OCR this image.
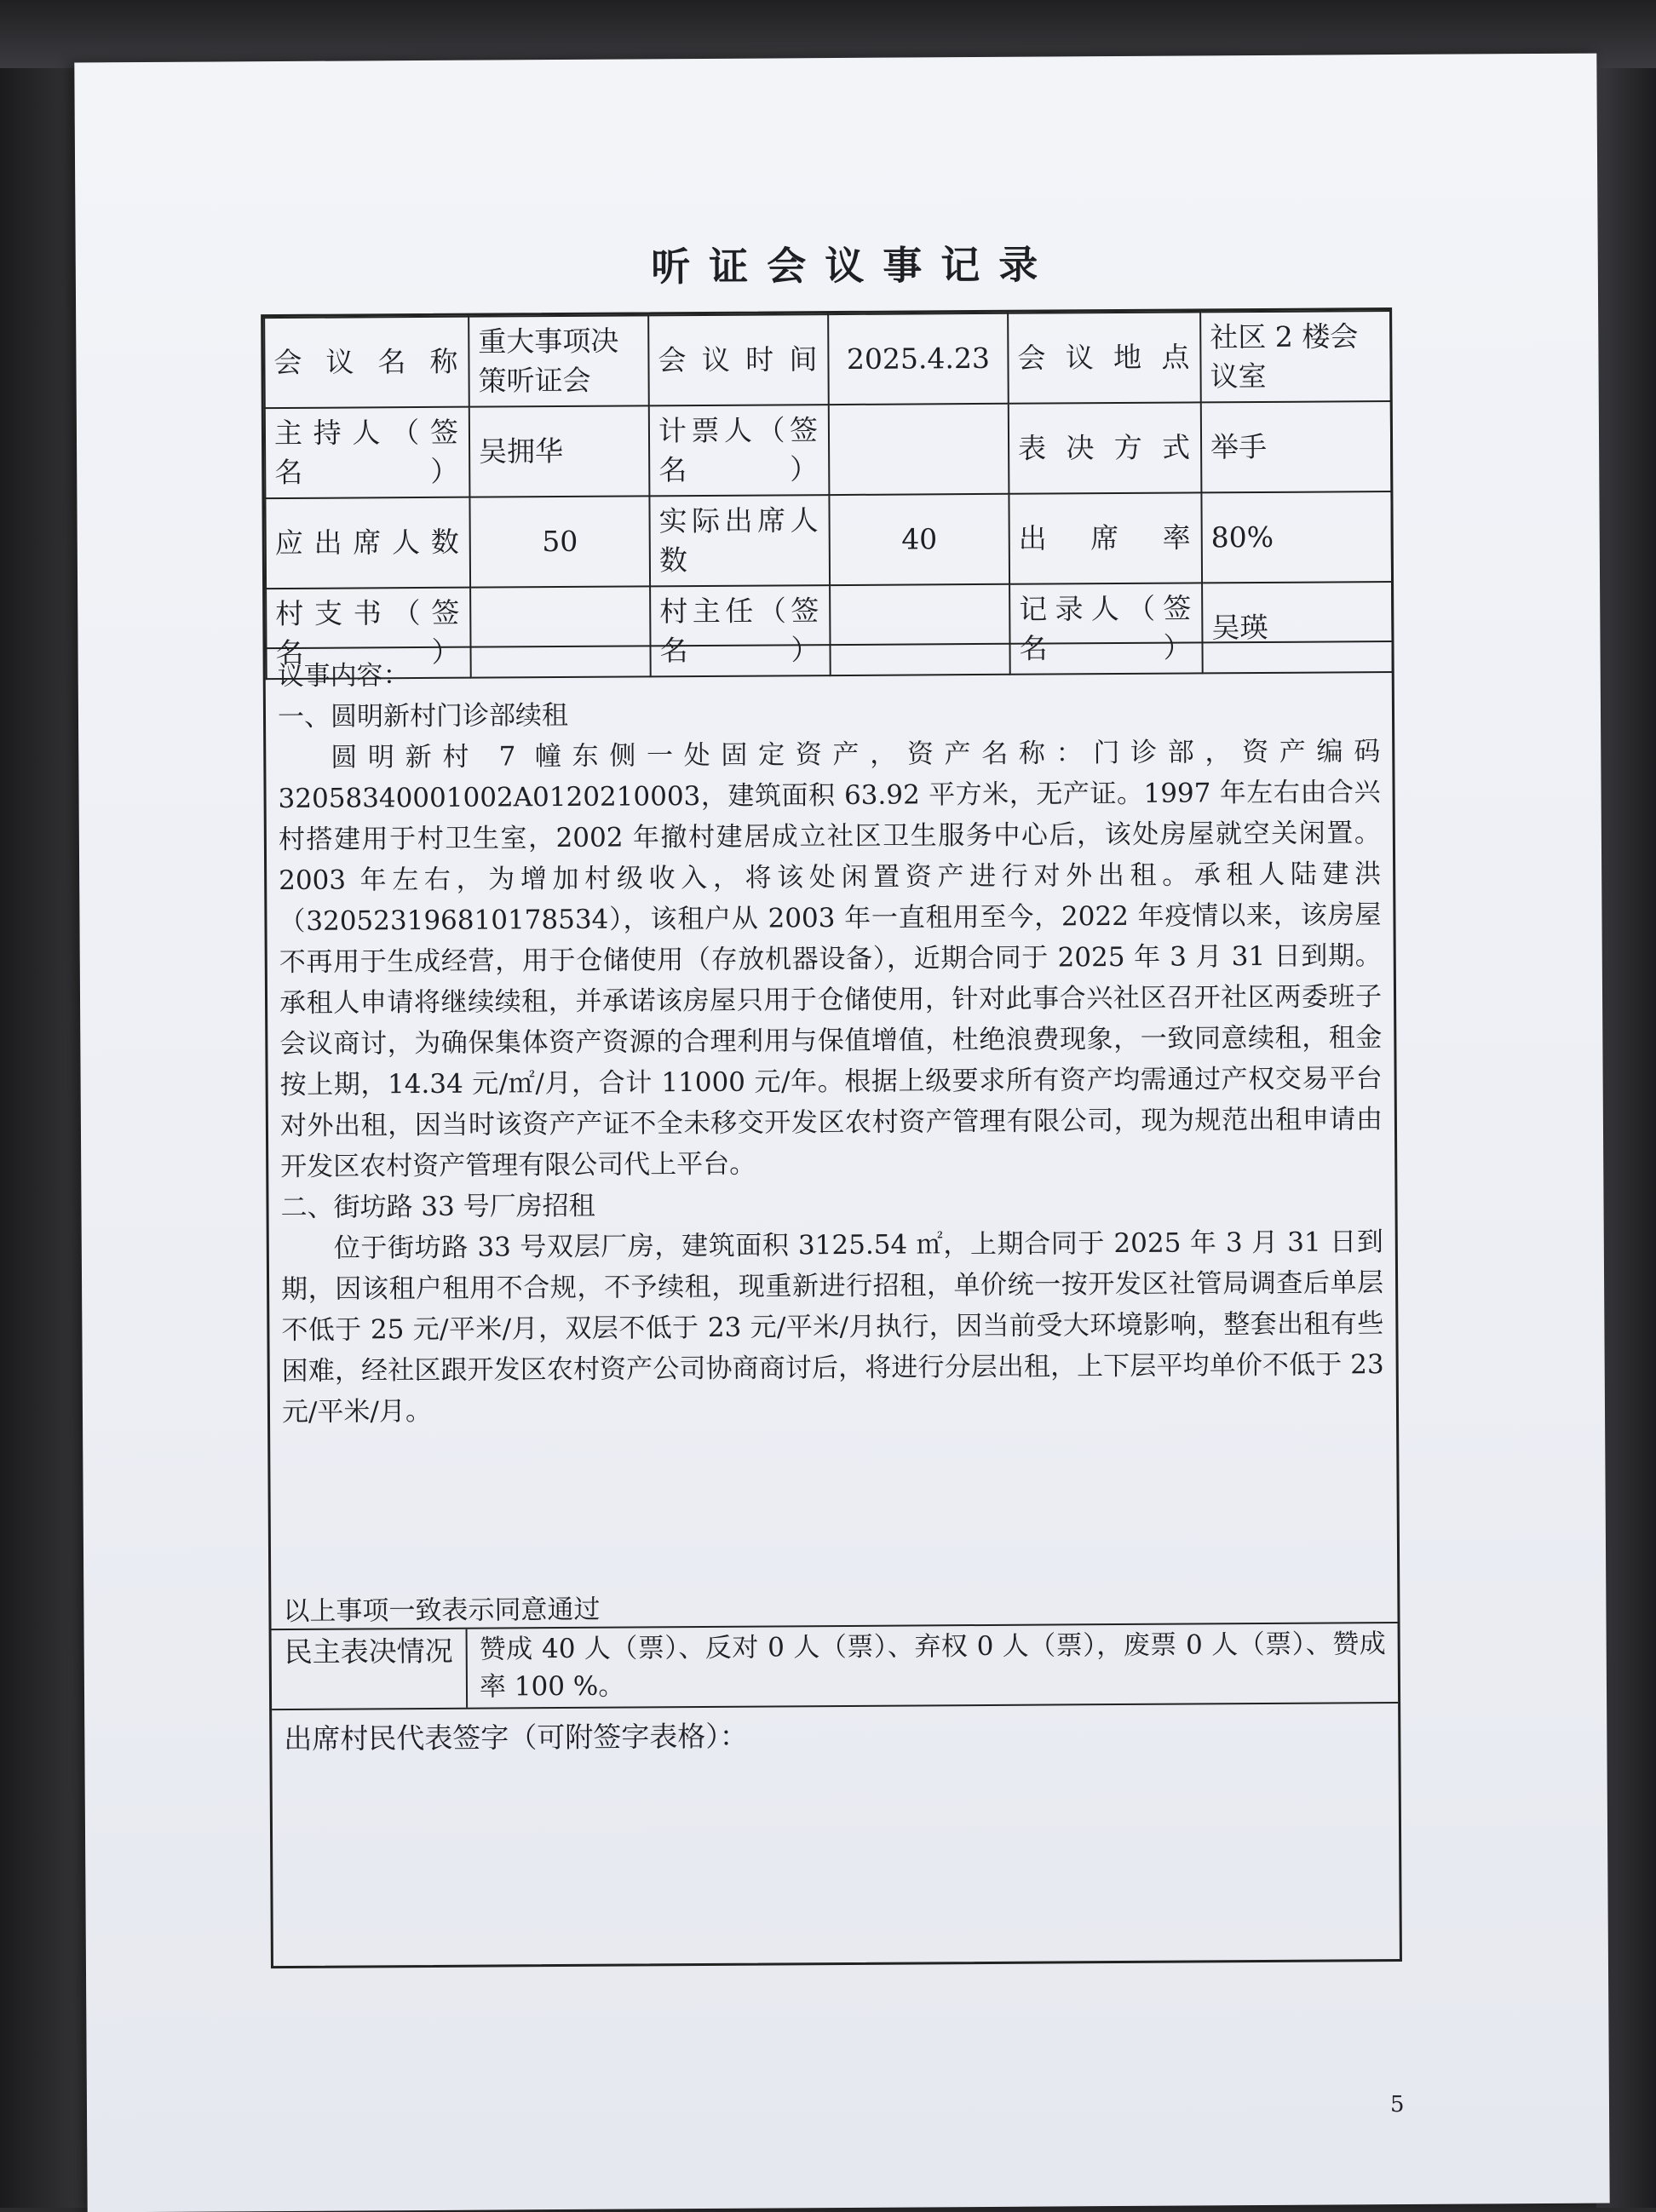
听证会议事记录
会议名称	重大事项决策听证会	会议时间	2025.4.23	会议地点	社区 2 楼会议室
主持人（签名）	吴拥华	计票人（签名）		表决方式	举手
应出席人数	50	实际出席人数	40	出席率	80%
村支书（签名）		村主任（签名）		记录人（签名）	吴瑛

议事内容：

一、圆明新村门诊部续租

圆明新村 7 幢东侧一处固定资产，资产名称：门诊部，资产编码 32058340001002A0120210003，建筑面积 63.92 平方米，无产证。1997 年左右由合兴村搭建用于村卫生室，2002 年撤村建居成立社区卫生服务中心后，该处房屋就空关闲置。2003 年左右，为增加村级收入，将该处闲置资产进行对外出租。承租人陆建洪（320523196810178534），该租户从 2003 年一直租用至今，2022 年疫情以来，该房屋不再用于生成经营，用于仓储使用（存放机器设备），近期合同于 2025 年 3 月 31 日到期。承租人申请将继续续租，并承诺该房屋只用于仓储使用，针对此事合兴社区召开社区两委班子会议商讨，为确保集体资产资源的合理利用与保值增值，杜绝浪费现象，一致同意续租，租金按上期，14.34 元/㎡/月，合计 11000 元/年。根据上级要求所有资产均需通过产权交易平台对外出租，因当时该资产产证不全未移交开发区农村资产管理有限公司，现为规范出租申请由开发区农村资产管理有限公司代上平台。

二、街坊路 33 号厂房招租

位于街坊路 33 号双层厂房，建筑面积 3125.54 ㎡，上期合同于 2025 年 3 月 31 日到期，因该租户租用不合规，不予续租，现重新进行招租，单价统一按开发区社管局调查后单层不低于 25 元/平米/月，双层不低于 23 元/平米/月执行，因当前受大环境影响，整套出租有些困难，经社区跟开发区农村资产公司协商商讨后，将进行分层出租，上下层平均单价不低于 23 元/平米/月。

以上事项一致表示同意通过
民主表决情况 赞成 40 人（票）、反对 0 人（票）、弃权 0 人（票），废票 0 人（票）、赞成率 100 %。
出席村民代表签字（可附签字表格）：
5
